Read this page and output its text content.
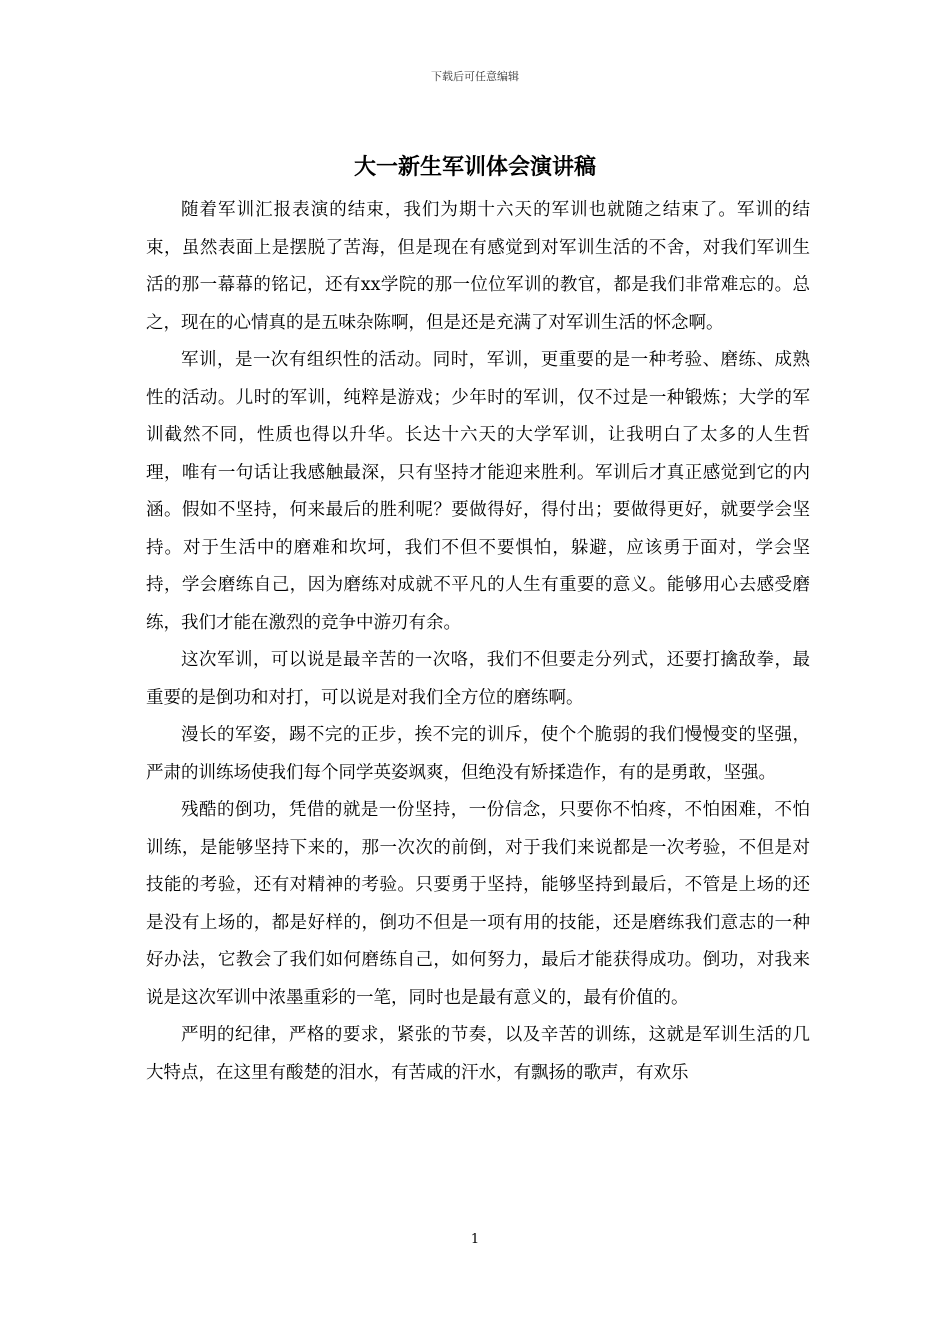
下载后可任意编辑
大一新生军训体会演讲稿

随着军训汇报表演的结束，我们为期十六天的军训也就随之结束了。军训的结束，虽然表面上是摆脱了苦海，但是现在有感觉到对军训生活的不舍，对我们军训生活的那一幕幕的铭记，还有xx学院的那一位位军训的教官，都是我们非常难忘的。总之，现在的心情真的是五味杂陈啊，但是还是充满了对军训生活的怀念啊。

军训，是一次有组织性的活动。同时，军训，更重要的是一种考验、磨练、成熟性的活动。儿时的军训，纯粹是游戏；少年时的军训，仅不过是一种锻炼；大学的军训截然不同，性质也得以升华。长达十六天的大学军训，让我明白了太多的人生哲理，唯有一句话让我感触最深，只有坚持才能迎来胜利。军训后才真正感觉到它的内涵。假如不坚持，何来最后的胜利呢？要做得好，得付出；要做得更好，就要学会坚持。对于生活中的磨难和坎坷，我们不但不要惧怕，躲避，应该勇于面对，学会坚持，学会磨练自己，因为磨练对成就不平凡的人生有重要的意义。能够用心去感受磨练，我们才能在激烈的竞争中游刃有余。

这次军训，可以说是最辛苦的一次咯，我们不但要走分列式，还要打擒敌拳，最重要的是倒功和对打，可以说是对我们全方位的磨练啊。

漫长的军姿，踢不完的正步，挨不完的训斥，使个个脆弱的我们慢慢变的坚强，严肃的训练场使我们每个同学英姿飒爽，但绝没有矫揉造作，有的是勇敢，坚强。

残酷的倒功，凭借的就是一份坚持，一份信念，只要你不怕疼，不怕困难，不怕训练，是能够坚持下来的，那一次次的前倒，对于我们来说都是一次考验，不但是对技能的考验，还有对精神的考验。只要勇于坚持，能够坚持到最后，不管是上场的还是没有上场的，都是好样的，倒功不但是一项有用的技能，还是磨练我们意志的一种好办法，它教会了我们如何磨练自己，如何努力，最后才能获得成功。倒功，对我来说是这次军训中浓墨重彩的一笔，同时也是最有意义的，最有价值的。

严明的纪律，严格的要求，紧张的节奏，以及辛苦的训练，这就是军训生活的几大特点，在这里有酸楚的泪水，有苦咸的汗水，有飘扬的歌声，有欢乐

1
